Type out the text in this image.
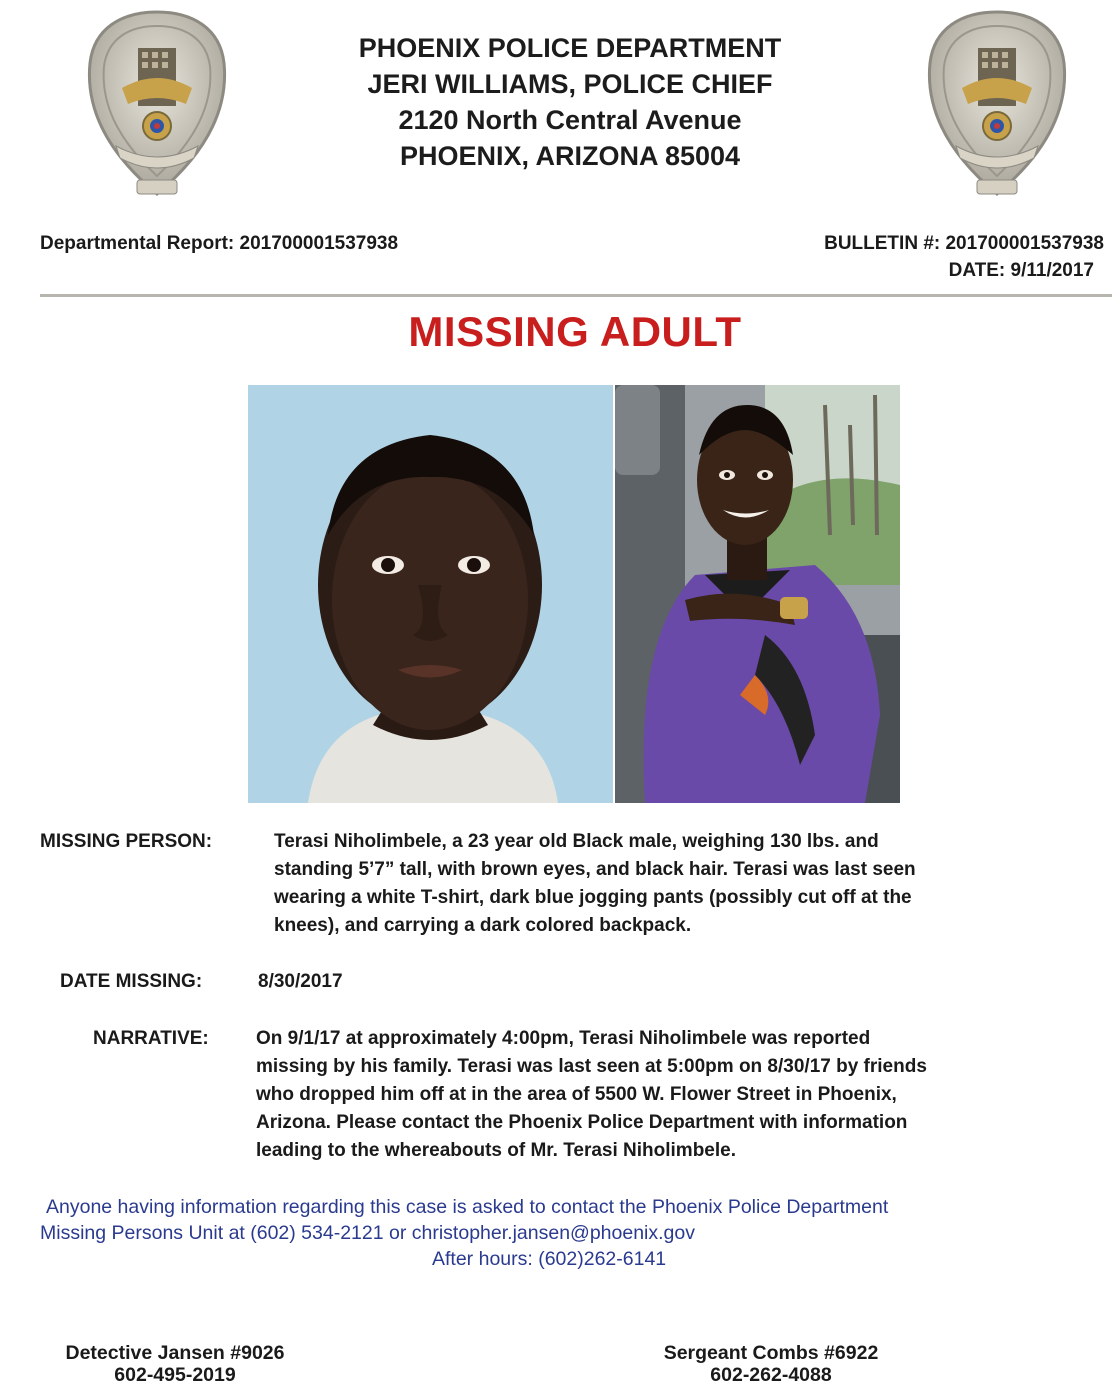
PHOENIX POLICE DEPARTMENT
JERI WILLIAMS, POLICE CHIEF
2120 North Central Avenue
PHOENIX, ARIZONA 85004
Departmental Report: 201700001537938	BULLETIN #: 201700001537938
DATE: 9/11/2017
MISSING ADULT
MISSING PERSON:	Terasi Niholimbele, a 23 year old Black male, weighing 130 lbs. and
standing 5’7” tall, with brown eyes, and black hair. Terasi was last seen
wearing a white T-shirt, dark blue jogging pants (possibly cut off at the
knees), and carrying a dark colored backpack.
DATE MISSING:	8/30/2017
NARRATIVE: On 9/1/17 at approximately 4:00pm, Terasi Niholimbele was reported
missing by his family. Terasi was last seen at 5:00pm on 8/30/17 by friends
who dropped him off at in the area of 5500 W. Flower Street in Phoenix,
Arizona. Please contact the Phoenix Police Department with information
leading to the whereabouts of Mr. Terasi Niholimbele.
Anyone having information regarding this case is asked to contact the Phoenix Police Department
Missing Persons Unit at (602) 534-2121 or christopher.jansen@phoenix.gov
After hours: (602)262-6141
Detective Jansen #9026
602-495-2019
Sergeant Combs #6922
602-262-4088
